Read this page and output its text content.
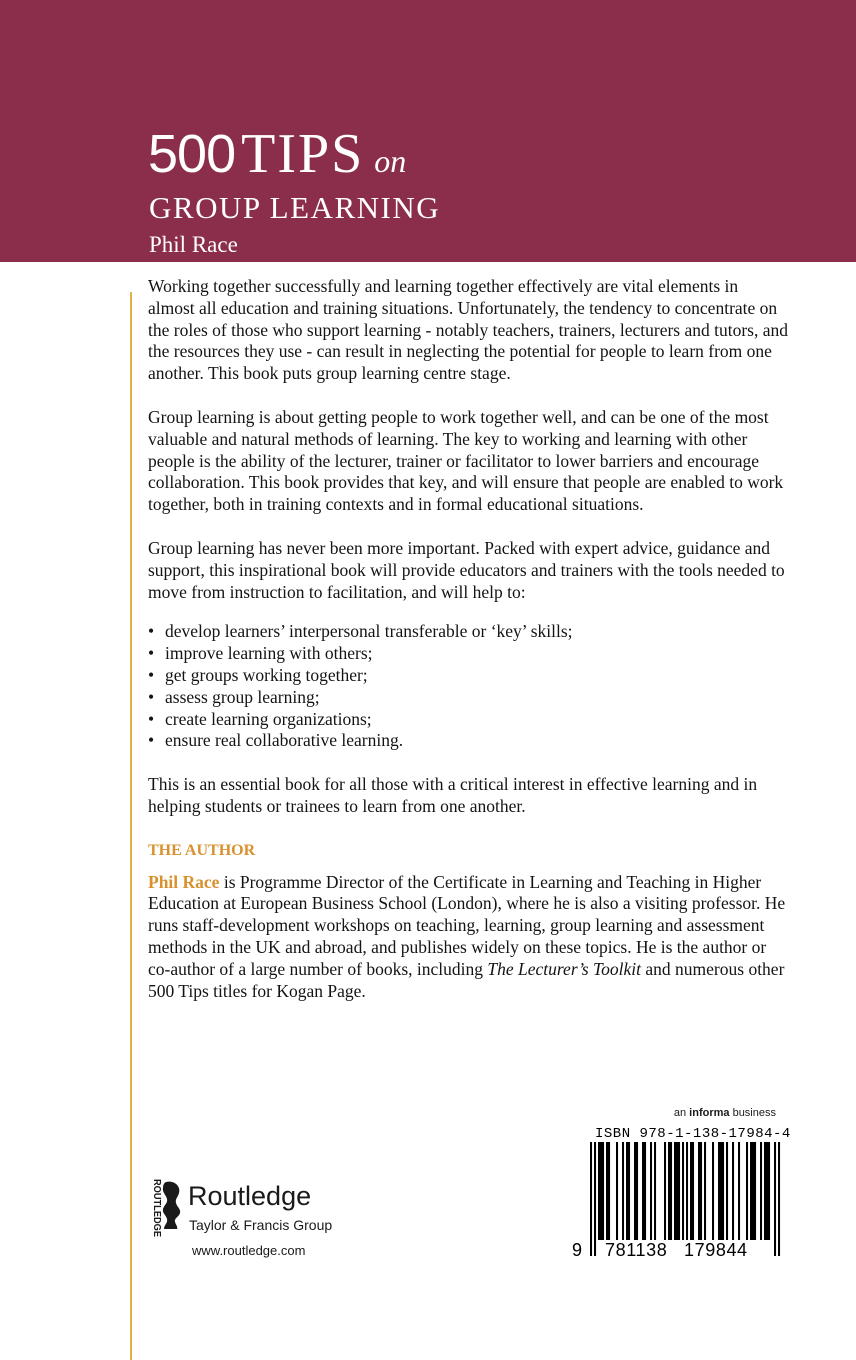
500 TIPS on
GROUP LEARNING
Phil Race

Working together successfully and learning together effectively are vital elements in almost all education and training situations. Unfortunately, the tendency to concentrate on the roles of those who support learning - notably teachers, trainers, lecturers and tutors, and the resources they use - can result in neglecting the potential for people to learn from one another. This book puts group learning centre stage.

Group learning is about getting people to work together well, and can be one of the most valuable and natural methods of learning. The key to working and learning with other people is the ability of the lecturer, trainer or facilitator to lower barriers and encourage collaboration. This book provides that key, and will ensure that people are enabled to work together, both in training contexts and in formal educational situations.

Group learning has never been more important. Packed with expert advice, guidance and support, this inspirational book will provide educators and trainers with the tools needed to move from instruction to facilitation, and will help to:

• develop learners’ interpersonal transferable or ‘key’ skills;
• improve learning with others;
• get groups working together;
• assess group learning;
• create learning organizations;
• ensure real collaborative learning.

This is an essential book for all those with a critical interest in effective learning and in helping students or trainees to learn from one another.

THE AUTHOR

Phil Race is Programme Director of the Certificate in Learning and Teaching in Higher Education at European Business School (London), where he is also a visiting professor. He runs staff-development workshops on teaching, learning, group learning and assessment methods in the UK and abroad, and publishes widely on these topics. He is the author or co-author of a large number of books, including The Lecturer’s Toolkit and numerous other 500 Tips titles for Kogan Page.

ROUTLEDGE Routledge
Taylor & Francis Group
www.routledge.com
an informa business
ISBN 978-1-138-17984-4
9 781138 179844
